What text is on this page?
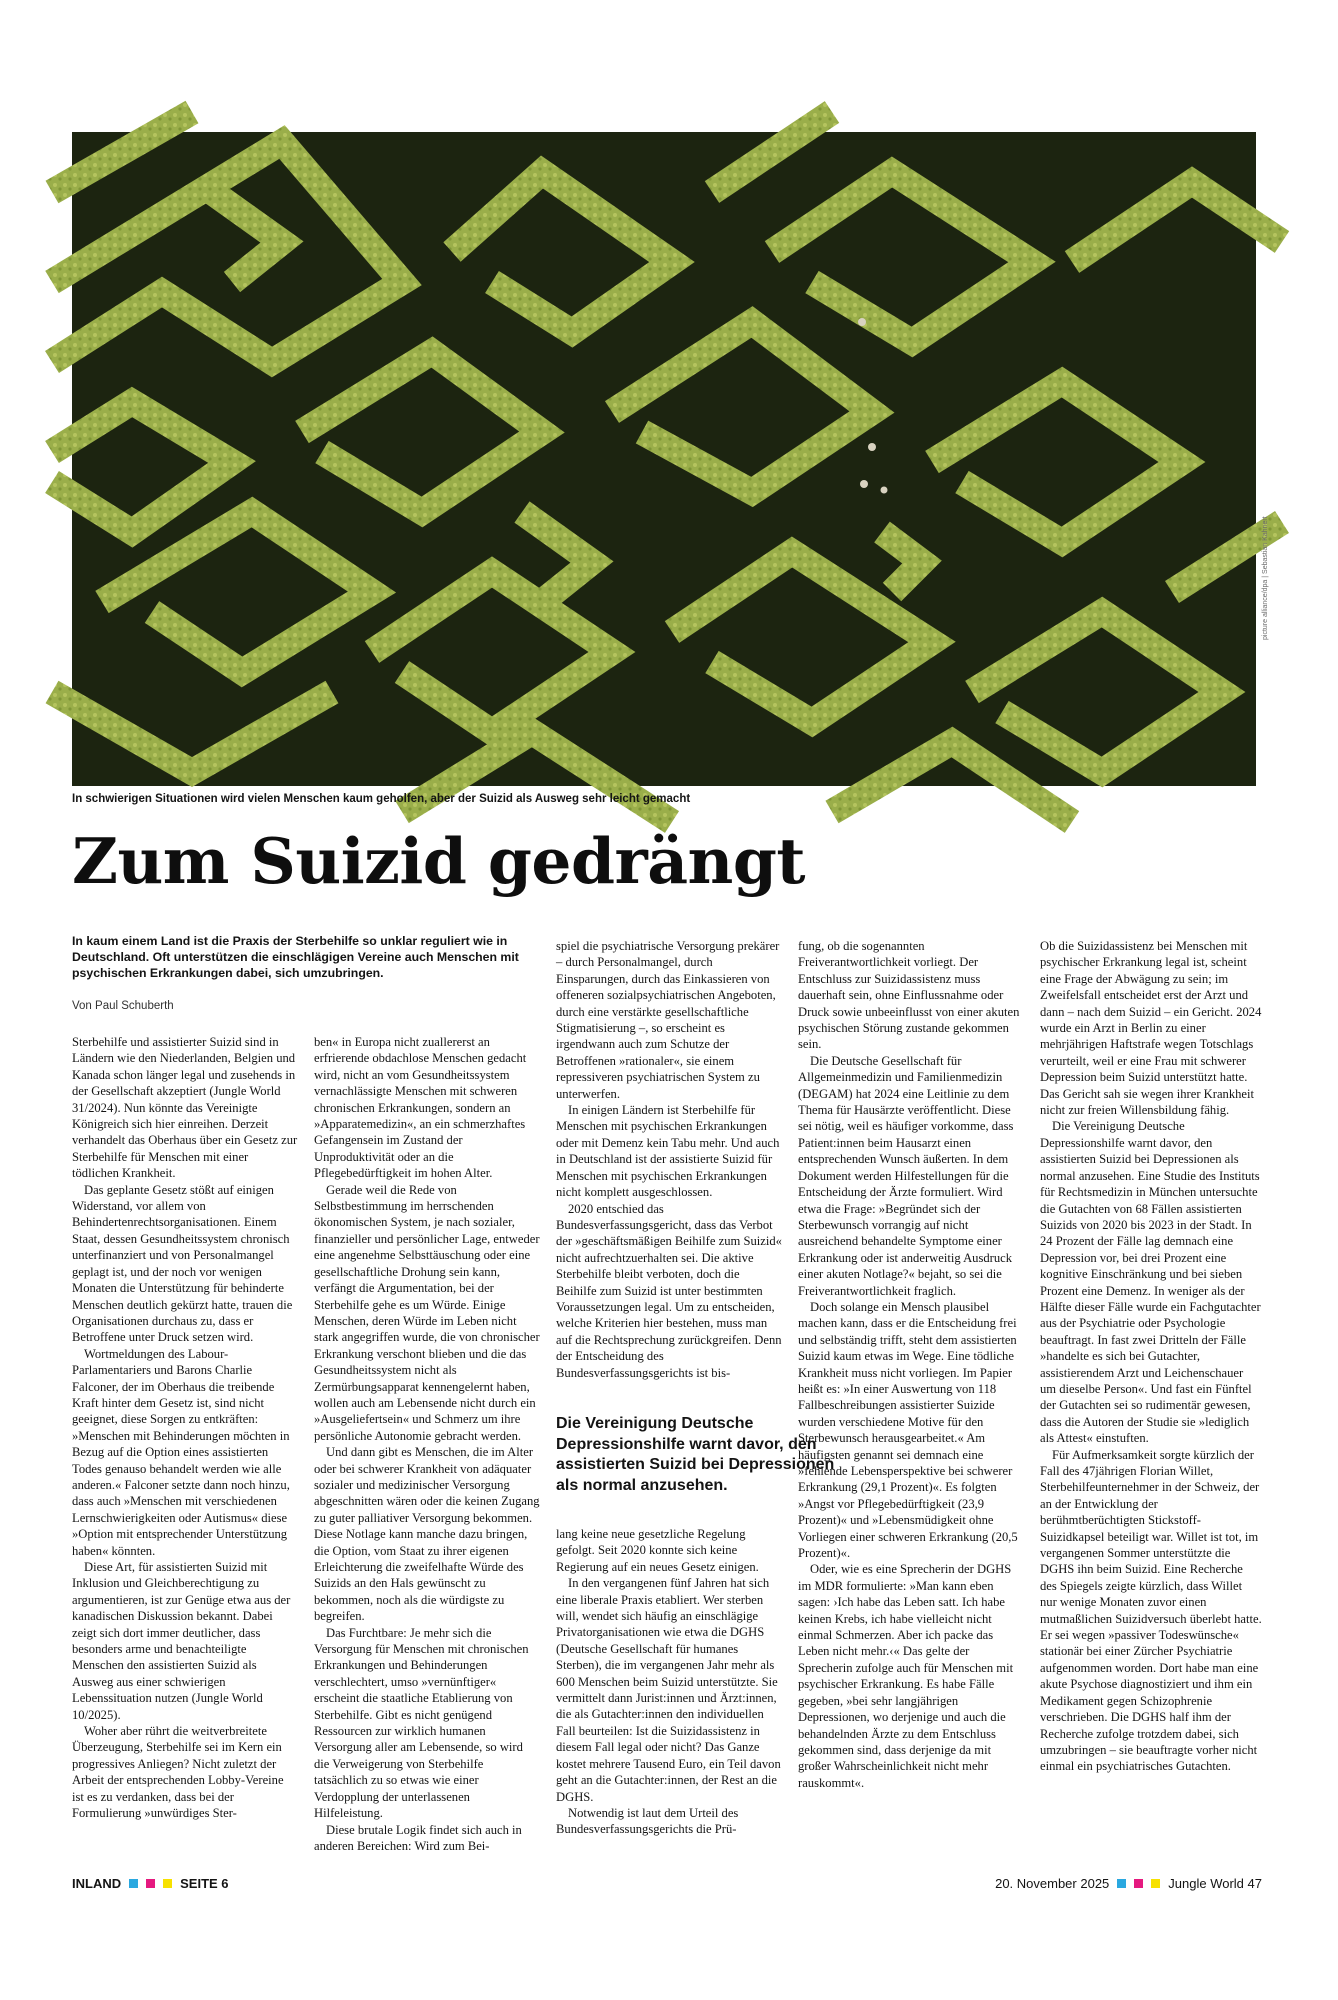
picture alliance/dpa | Sebastian Kahnert
In schwierigen Situationen wird vielen Menschen kaum geholfen, aber der Suizid als Ausweg sehr leicht gemacht
Zum Suizid gedrängt

In kaum einem Land ist die Praxis der Sterbehilfe so unklar reguliert wie in Deutschland. Oft unterstützen die einschlägigen Vereine auch Menschen mit psychischen Erkrankungen dabei, sich umzubringen.

Von Paul Schuberth

Sterbehilfe und assistierter Suizid sind in Ländern wie den Niederlanden, Belgien und Kanada schon länger legal und zusehends in der Gesellschaft akzeptiert (Jungle World 31/2024). Nun könnte das Vereinigte Königreich sich hier einreihen. Derzeit verhandelt das Oberhaus über ein Gesetz zur Sterbehilfe für Menschen mit einer tödlichen Krankheit.

Das geplante Gesetz stößt auf einigen Widerstand, vor allem von Behindertenrechtsorganisationen. Einem Staat, dessen Gesundheitssystem chronisch unterfinanziert und von Personalmangel geplagt ist, und der noch vor wenigen Monaten die Unterstützung für behinderte Menschen deutlich gekürzt hatte, trauen die Organisationen durchaus zu, dass er Betroffene unter Druck setzen wird.

Wortmeldungen des Labour-Parlamentariers und Barons Charlie Falconer, der im Oberhaus die treibende Kraft hinter dem Gesetz ist, sind nicht geeignet, diese Sorgen zu entkräften: »Menschen mit Behinderungen möchten in Bezug auf die Option eines assistierten Todes genauso behandelt werden wie alle anderen.« Falconer setzte dann noch hinzu, dass auch »Menschen mit verschiedenen Lernschwierigkeiten oder Autismus« diese »Option mit entsprechender Unterstützung haben« könnten.

Diese Art, für assistierten Suizid mit Inklusion und Gleichberechtigung zu argumentieren, ist zur Genüge etwa aus der kanadischen Diskussion bekannt. Dabei zeigt sich dort immer deutlicher, dass besonders arme und benachteiligte Menschen den assistierten Suizid als Ausweg aus einer schwierigen Lebenssituation nutzen (Jungle World 10/2025).

Woher aber rührt die weitverbreitete Überzeugung, Sterbehilfe sei im Kern ein progressives Anliegen? Nicht zuletzt der Arbeit der entsprechenden Lobby-Vereine ist es zu verdanken, dass bei der Formulierung »unwürdiges Ster-

ben« in Europa nicht zuallererst an erfrierende obdachlose Menschen gedacht wird, nicht an vom Gesundheitssystem vernachlässigte Menschen mit schweren chronischen Erkrankungen, sondern an »Apparatemedizin«, an ein schmerzhaftes Gefangensein im Zustand der Unproduktivität oder an die Pflegebedürftigkeit im hohen Alter.

Gerade weil die Rede von Selbstbestimmung im herrschenden ökonomischen System, je nach sozialer, finanzieller und persönlicher Lage, entweder eine angenehme Selbsttäuschung oder eine gesellschaftliche Drohung sein kann, verfängt die Argumentation, bei der Sterbehilfe gehe es um Würde. Einige Menschen, deren Würde im Leben nicht stark angegriffen wurde, die von chronischer Erkrankung verschont blieben und die das Gesundheitssystem nicht als Zermürbungsapparat kennengelernt haben, wollen auch am Lebensende nicht durch ein »Ausgeliefertsein« und Schmerz um ihre persönliche Autonomie gebracht werden.

Und dann gibt es Menschen, die im Alter oder bei schwerer Krankheit von adäquater sozialer und medizinischer Versorgung abgeschnitten wären oder die keinen Zugang zu guter palliativer Versorgung bekommen. Diese Notlage kann manche dazu bringen, die Option, vom Staat zu ihrer eigenen Erleichterung die zweifelhafte Würde des Suizids an den Hals gewünscht zu bekommen, noch als die würdigste zu begreifen.

Das Furchtbare: Je mehr sich die Versorgung für Menschen mit chronischen Erkrankungen und Behinderungen verschlechtert, umso »vernünftiger« erscheint die staatliche Etablierung von Sterbehilfe. Gibt es nicht genügend Ressourcen zur wirklich humanen Versorgung aller am Lebensende, so wird die Verweigerung von Sterbehilfe tatsächlich zu so etwas wie einer Verdopplung der unterlassenen Hilfeleistung.

Diese brutale Logik findet sich auch in anderen Bereichen: Wird zum Bei-

spiel die psychiatrische Versorgung prekärer – durch Personalmangel, durch Einsparungen, durch das Einkassieren von offeneren sozialpsychiatrischen Angeboten, durch eine verstärkte gesellschaftliche Stigmatisierung –, so erscheint es irgendwann auch zum Schutze der Betroffenen »rationaler«, sie einem repressiveren psychiatrischen System zu unterwerfen.

In einigen Ländern ist Sterbehilfe für Menschen mit psychischen Erkrankungen oder mit Demenz kein Tabu mehr. Und auch in Deutschland ist der assistierte Suizid für Menschen mit psychischen Erkrankungen nicht komplett ausgeschlossen.

2020 entschied das Bundesverfassungsgericht, dass das Verbot der »geschäftsmäßigen Beihilfe zum Suizid« nicht aufrechtzuerhalten sei. Die aktive Sterbehilfe bleibt verboten, doch die Beihilfe zum Suizid ist unter bestimmten Voraussetzungen legal. Um zu entscheiden, welche Kriterien hier bestehen, muss man auf die Rechtsprechung zurückgreifen. Denn der Entscheidung des Bundesverfassungsgerichts ist bis-

Die Vereinigung Deutsche Depressionshilfe warnt davor, den assistierten Suizid bei Depressionen als normal anzusehen.

lang keine neue gesetzliche Regelung gefolgt. Seit 2020 konnte sich keine Regierung auf ein neues Gesetz einigen.

In den vergangenen fünf Jahren hat sich eine liberale Praxis etabliert. Wer sterben will, wendet sich häufig an einschlägige Privatorganisationen wie etwa die DGHS (Deutsche Gesellschaft für humanes Sterben), die im vergangenen Jahr mehr als 600 Menschen beim Suizid unterstützte. Sie vermittelt dann Jurist:innen und Ärzt:innen, die als Gutachter:innen den individuellen Fall beurteilen: Ist die Suizidassistenz in diesem Fall legal oder nicht? Das Ganze kostet mehrere Tausend Euro, ein Teil davon geht an die Gutachter:innen, der Rest an die DGHS.

Notwendig ist laut dem Urteil des Bundesverfassungsgerichts die Prü-

fung, ob die sogenannten Freiverantwortlichkeit vorliegt. Der Entschluss zur Suizidassistenz muss dauerhaft sein, ohne Einflussnahme oder Druck sowie unbeeinflusst von einer akuten psychischen Störung zustande gekommen sein.

Die Deutsche Gesellschaft für Allgemeinmedizin und Familienmedizin (DEGAM) hat 2024 eine Leitlinie zu dem Thema für Hausärzte veröffentlicht. Diese sei nötig, weil es häufiger vorkomme, dass Patient:innen beim Hausarzt einen entsprechenden Wunsch äußerten. In dem Dokument werden Hilfestellungen für die Entscheidung der Ärzte formuliert. Wird etwa die Frage: »Begründet sich der Sterbewunsch vorrangig auf nicht ausreichend behandelte Symptome einer Erkrankung oder ist anderweitig Ausdruck einer akuten Notlage?« bejaht, so sei die Freiverantwortlichkeit fraglich.

Doch solange ein Mensch plausibel machen kann, dass er die Entscheidung frei und selbständig trifft, steht dem assistierten Suizid kaum etwas im Wege. Eine tödliche Krankheit muss nicht vorliegen. Im Papier heißt es: »In einer Auswertung von 118 Fallbeschreibungen assistierter Suizide wurden verschiedene Motive für den Sterbewunsch herausgearbeitet.« Am häufigsten genannt sei demnach eine »fehlende Lebensperspektive bei schwerer Erkrankung (29,1 Prozent)«. Es folgten »Angst vor Pflegebedürftigkeit (23,9 Prozent)« und »Lebensmüdigkeit ohne Vorliegen einer schweren Erkrankung (20,5 Prozent)«.

Oder, wie es eine Sprecherin der DGHS im MDR formulierte: »Man kann eben sagen: ›Ich habe das Leben satt. Ich habe keinen Krebs, ich habe vielleicht nicht einmal Schmerzen. Aber ich packe das Leben nicht mehr.‹« Das gelte der Sprecherin zufolge auch für Menschen mit psychischer Erkrankung. Es habe Fälle gegeben, »bei sehr langjährigen Depressionen, wo derjenige und auch die behandelnden Ärzte zu dem Entschluss gekommen sind, dass derjenige da mit großer Wahrscheinlichkeit nicht mehr rauskommt«.

Ob die Suizidassistenz bei Menschen mit psychischer Erkrankung legal ist, scheint eine Frage der Abwägung zu sein; im Zweifelsfall entscheidet erst der Arzt und dann – nach dem Suizid – ein Gericht. 2024 wurde ein Arzt in Berlin zu einer mehrjährigen Haftstrafe wegen Totschlags verurteilt, weil er eine Frau mit schwerer Depression beim Suizid unterstützt hatte. Das Gericht sah sie wegen ihrer Krankheit nicht zur freien Willensbildung fähig.

Die Vereinigung Deutsche Depressionshilfe warnt davor, den assistierten Suizid bei Depressionen als normal anzusehen. Eine Studie des Instituts für Rechtsmedizin in München untersuchte die Gutachten von 68 Fällen assistierten Suizids von 2020 bis 2023 in der Stadt. In 24 Prozent der Fälle lag demnach eine Depression vor, bei drei Prozent eine kognitive Einschränkung und bei sieben Prozent eine Demenz. In weniger als der Hälfte dieser Fälle wurde ein Fachgutachter aus der Psychiatrie oder Psychologie beauftragt. In fast zwei Dritteln der Fälle »handelte es sich bei Gutachter, assistierendem Arzt und Leichenschauer um dieselbe Person«. Und fast ein Fünftel der Gutachten sei so rudimentär gewesen, dass die Autoren der Studie sie »lediglich als Attest« einstuften.

Für Aufmerksamkeit sorgte kürzlich der Fall des 47jährigen Florian Willet, Sterbehilfeunternehmer in der Schweiz, der an der Entwicklung der berühmtberüchtigten Stickstoff-Suizidkapsel beteiligt war. Willet ist tot, im vergangenen Sommer unterstützte die DGHS ihn beim Suizid. Eine Recherche des Spiegels zeigte kürzlich, dass Willet nur wenige Monaten zuvor einen mutmaßlichen Suizidversuch überlebt hatte. Er sei wegen »passiver Todeswünsche« stationär bei einer Zürcher Psychiatrie aufgenommen worden. Dort habe man eine akute Psychose diagnostiziert und ihm ein Medikament gegen Schizophrenie verschrieben. Die DGHS half ihm der Recherche zufolge trotzdem dabei, sich umzubringen – sie beauftragte vorher nicht einmal ein psychiatrisches Gutachten.

INLAND	SEITE 6	20. November 2025	Jungle World 47
